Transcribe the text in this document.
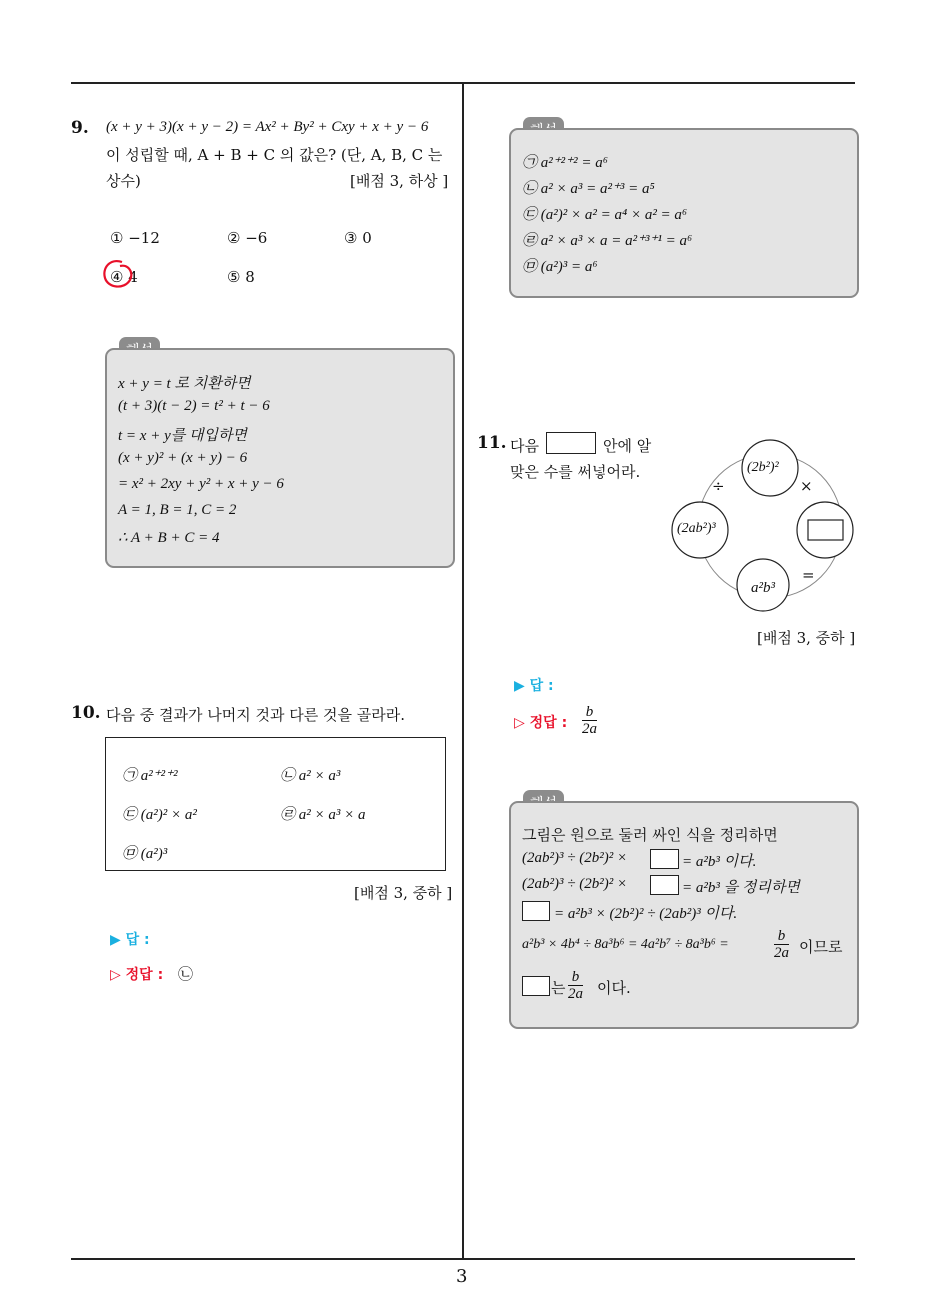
3
9. (x + y + 3)(x + y − 2) = Ax² + By² + Cxy + x + y − 6
이 성립할 때, A + B + C 의 값은? (단, A, B, C 는
상수)	[배점 3, 하상 ]
① −12	② −6	③ 0
④ 4	⑤ 8
x + y = t 로 치환하면
(t + 3)(t − 2) = t² + t − 6
t = x + y를 대입하면
(x + y)² + (x + y) − 6
= x² + 2xy + y² + x + y − 6
A = 1, B = 1, C = 2
∴ A + B + C = 4
10. 다음 중 결과가 나머지 것과 다른 것을 골라라.
㉠ a²⁺²⁺²	㉡ a² × a³
㉢ (a²)² × a²	㉣ a² × a³ × a
㉤ (a²)³
[배점 3, 중하 ]
▶ 답 :
▷ 정답 : ㉡
㉠ a²⁺²⁺² = a⁶
㉡ a² × a³ = a²⁺³ = a⁵
㉢ (a²)² × a² = a⁴ × a² = a⁶
㉣ a² × a³ × a = a²⁺³⁺¹ = a⁶
㉤ (a²)³ = a⁶
11. 다음	안에 알
맞은 수를 써넣어라.	(2b²)²
(2ab²)³
a²b³
÷	×
=
[배점 3, 중하 ]
▶ 답 :
▷ 정답 : $\frac{b}{2a}$
그림은 원으로 둘러 싸인 식을 정리하면
(2ab²)³ ÷ (2b²)² ×	= a²b³ 이다.
(2ab²)³ ÷ (2b²)² ×	= a²b³ 을 정리하면
= a²b³ × (2b²)² ÷ (2ab²)³ 이다.
a²b³ × 4b⁴ ÷ 8a³b⁶ = 4a²b⁷ ÷ 8a³b⁶ =	$\frac{b}{2a}$ 이므로
는 $\frac{b}{2a}$ 이다.
